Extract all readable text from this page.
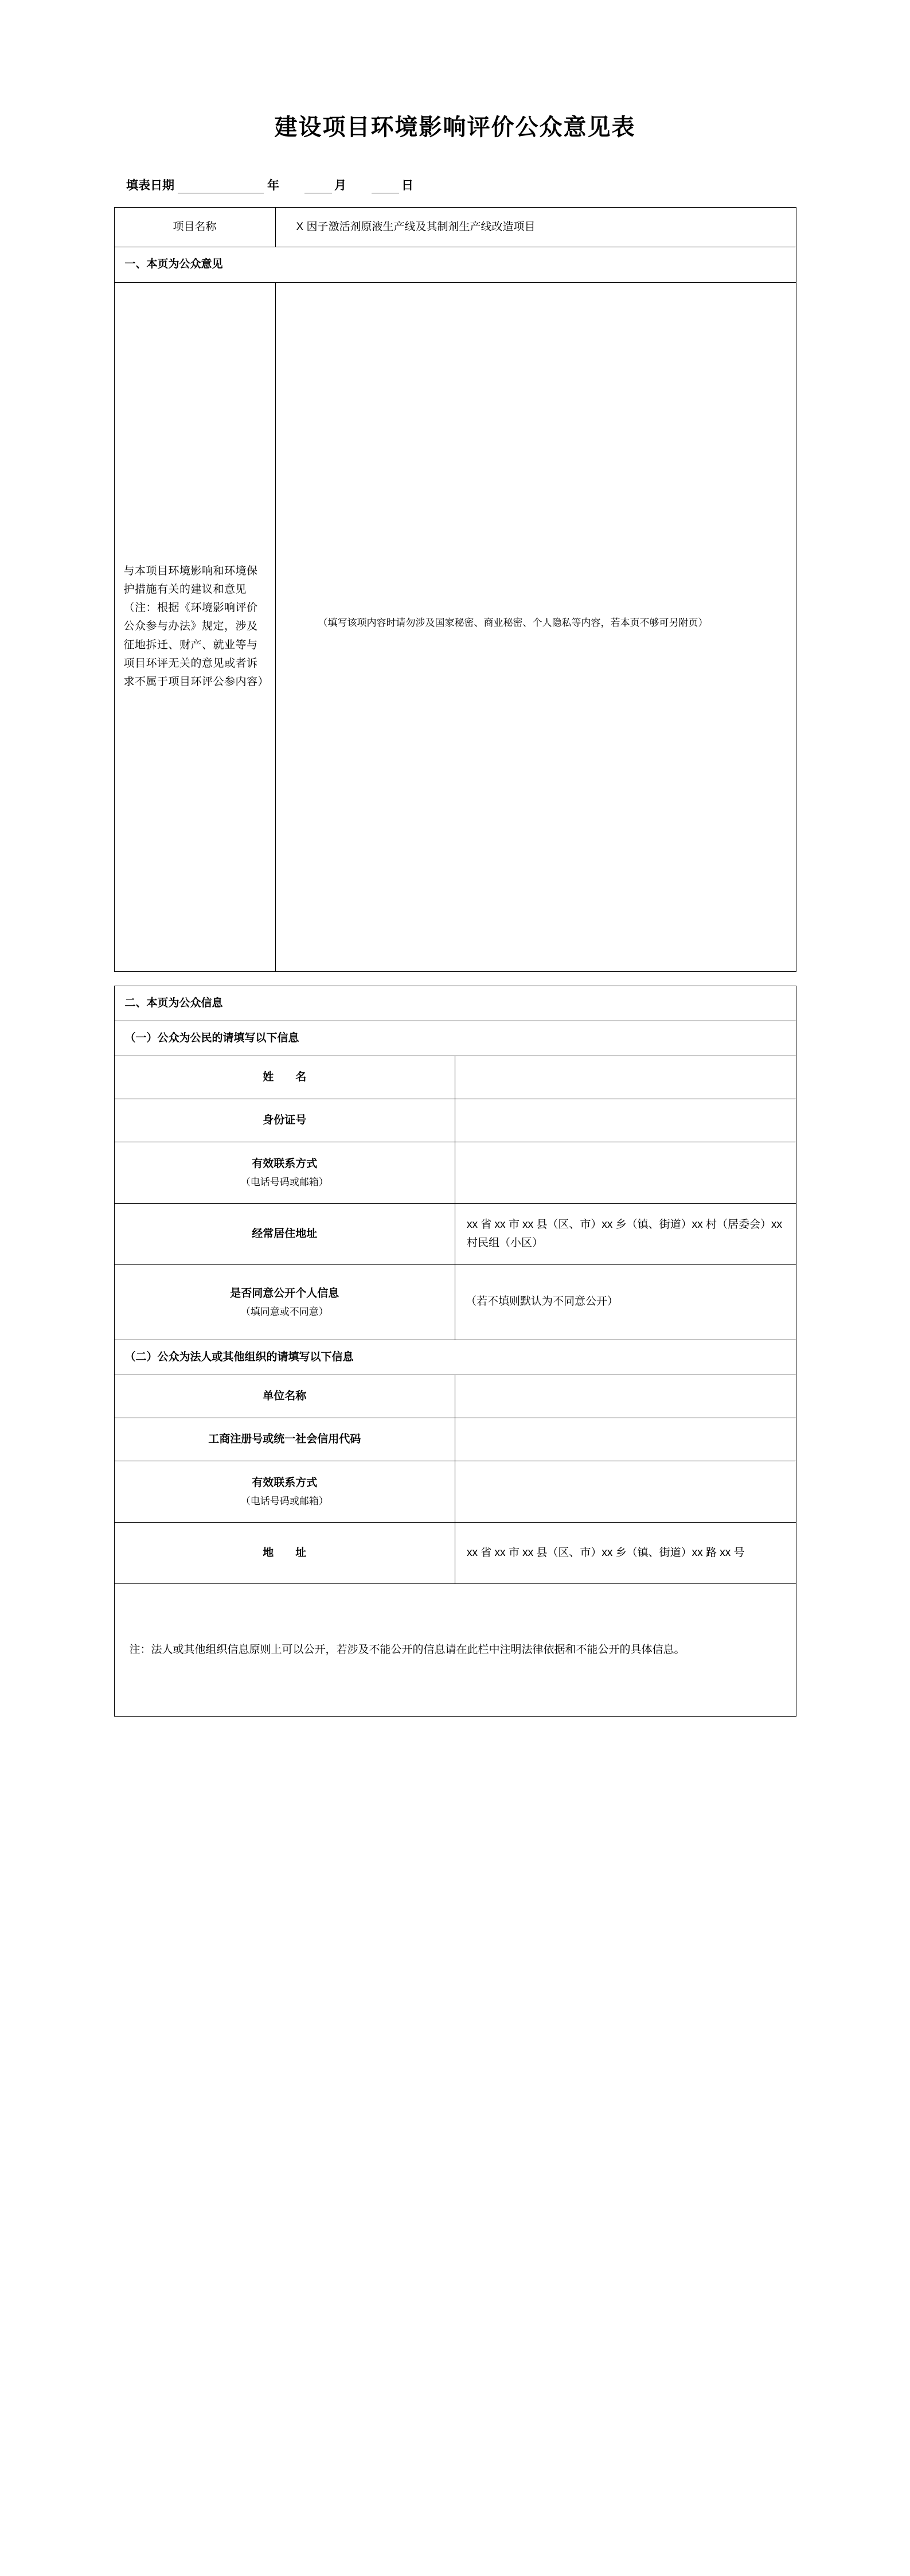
建设项目环境影响评价公众意见表
填表日期	年	月	日
项目名称	X 因子激活剂原液生产线及其制剂生产线改造项目
一、本页为公众意见	
与本项目环境影响和环境保护措施有关的建议和意见（注：根据《环境影响评价公众参与办法》规定，涉及征地拆迁、财产、就业等与项目环评无关的意见或者诉求不属于项目环评公参内容）	（填写该项内容时请勿涉及国家秘密、商业秘密、个人隐私等内容，若本页不够可另附页）
二、本页为公众信息	
（一）公众为公民的请填写以下信息	
姓　　名	
身份证号	
有效联系方式
（电话号码或邮箱）	

经常居住地址	xx 省 xx 市 xx 县（区、市）xx 乡（镇、街道）xx 村（居委会）xx 村民组（小区）
是否同意公开个人信息
（填同意或不同意）	（若不填则默认为不同意公开）
（二）公众为法人或其他组织的请填写以下信息	
单位名称	
工商注册号或统一社会信用代码	
有效联系方式
（电话号码或邮箱）	

地　　址	xx 省 xx 市 xx 县（区、市）xx 乡（镇、街道）xx 路 xx 号
注：法人或其他组织信息原则上可以公开，若涉及不能公开的信息请在此栏中注明法律依据和不能公开的具体信息。	
